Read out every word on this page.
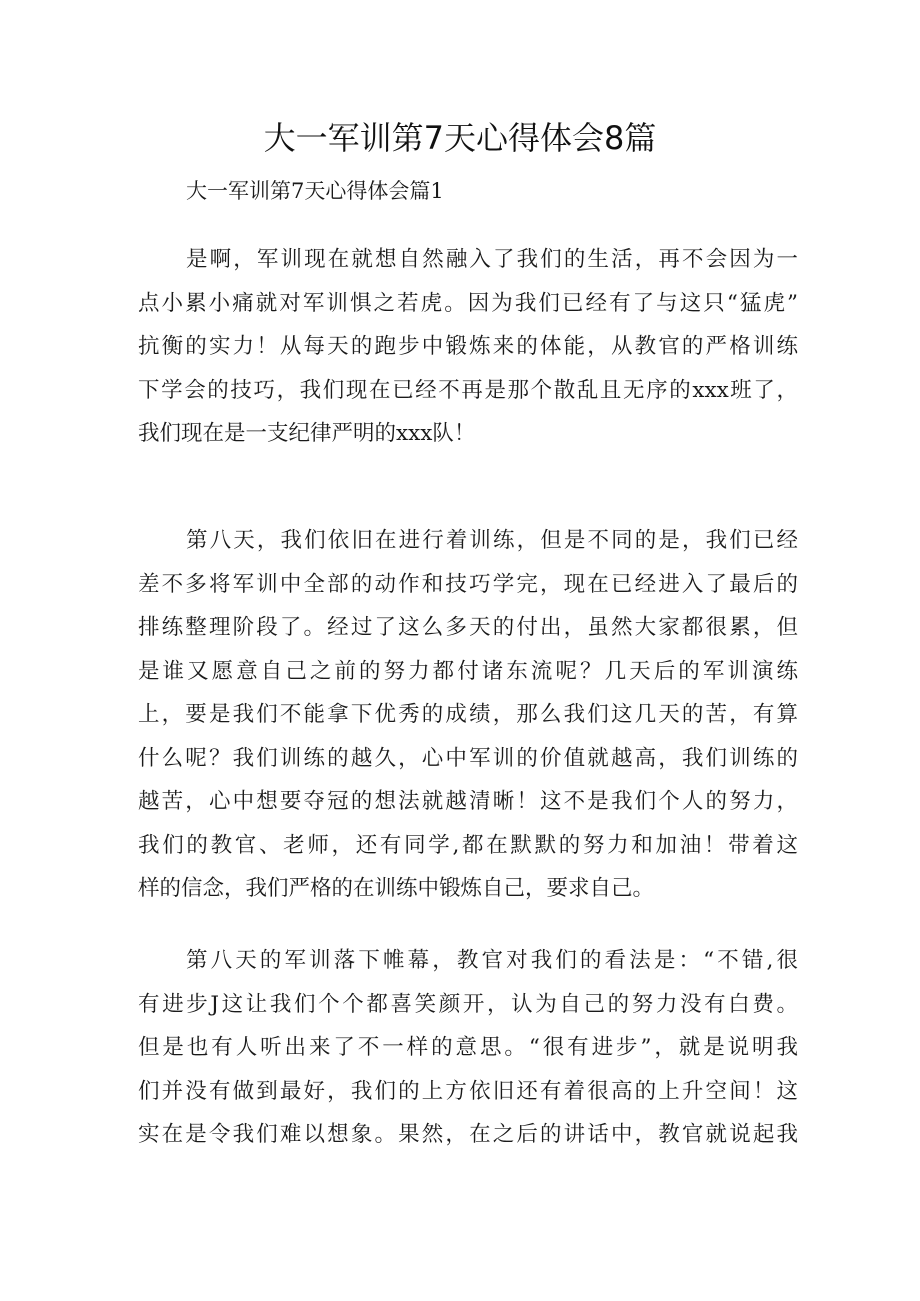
大一军训第7天心得体会8篇
大一军训第7天心得体会篇1
是啊，军训现在就想自然融入了我们的生活，再不会因为一
点小累小痛就对军训惧之若虎。因为我们已经有了与这只“猛虎”
抗衡的实力！从每天的跑步中锻炼来的体能，从教官的严格训练
下学会的技巧，我们现在已经不再是那个散乱且无序的xxx班了，
我们现在是一支纪律严明的xxx队！
第八天，我们依旧在进行着训练，但是不同的是，我们已经
差不多将军训中全部的动作和技巧学完，现在已经进入了最后的
排练整理阶段了。经过了这么多天的付出，虽然大家都很累，但
是谁又愿意自己之前的努力都付诸东流呢？几天后的军训演练
上，要是我们不能拿下优秀的成绩，那么我们这几天的苦，有算
什么呢？我们训练的越久，心中军训的价值就越高，我们训练的
越苦，心中想要夺冠的想法就越清晰！这不是我们个人的努力，
我们的教官、老师，还有同学,都在默默的努力和加油！带着这
样的信念，我们严格的在训练中锻炼自己，要求自己。
第八天的军训落下帷幕，教官对我们的看法是：“不错,很
有进步J这让我们个个都喜笑颜开，认为自己的努力没有白费。
但是也有人听出来了不一样的意思。“很有进步”，就是说明我
们并没有做到最好，我们的上方依旧还有着很高的上升空间！这
实在是令我们难以想象。果然，在之后的讲话中，教官就说起我
